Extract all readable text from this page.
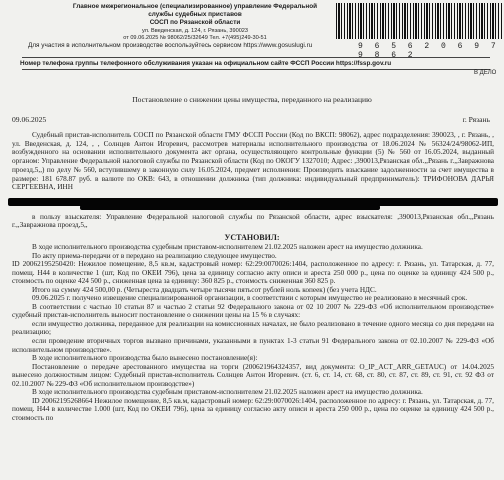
Главное межрегиональное (специализированное) управление Федеральной
службы судебных приставов
СОСП по Рязанской области
ул. Введенская, д. 124, г. Рязань, 390023
от 09.06.2025 № 98062/25/32649 Тел. +7(495)249-30-51
9 6 5 6 2 0 6 9 7 9 8 6 2
Для участия в исполнительном производстве воспользуйтесь сервисом https://www.gosuslugi.ru
Номер телефона группы телефонного обслуживания указан на официальном сайте ФССП России https://fssp.gov.ru
В ДЕЛО
Постановление о снижении цены имущества, переданного на реализацию
09.06.2025	г. Рязань

Судебный пристав-исполнитель СОСП по Рязанской области ГМУ ФССП России (Код по ВКСП: 98062), адрес подразделения: 390023, , г. Рязань, , ул. Введенская, д. 124, , , Солнцев Антон Игоревич, рассмотрев материалы исполнительного производства от 18.06.2024 № 56324/24/98062-ИП, возбужденного на основании исполнительного документа акт органа, осуществляющего контрольные функции (5) № 560 от 16.05.2024, выданный органом: Управление Федеральной налоговой службы по Рязанской области (Код по ОКОГУ 1327010; Адрес: ,390013,Рязанская обл.,,Рязань г.,,Завражнова проезд,5,,) по делу № 560, вступившему в законную силу 16.05.2024, предмет исполнения: Производить взыскание задолженности за счет имущества в размере: 181 678.87 руб. в валюте по ОКВ: 643, в отношении должника (тип должника: индивидуальный предприниматель): ТРИФОНОВА ДАРЬЯ СЕРГЕЕВНА, ИНН

в пользу взыскателя: Управление Федеральной налоговой службы по Рязанской области, адрес взыскателя: ,390013,Рязанская обл.,,Рязань г.,,Завражнова проезд,5,,

УСТАНОВИЛ:

В ходе исполнительного производства судебным приставом-исполнителем 21.02.2025 наложен арест на имущество должника.

По акту приема-передачи от в передано на реализацию следующее имущество.

ID 20062195250420: Нежилое помещение, 8,5 кв.м, кадастровый номер: 62:29:0070026:1404, расположенное по адресу: г. Рязань, ул. Татарская, д. 77, помещ. Н44 в количестве 1 (шт, Код по ОКЕИ 796), цена за единицу согласно акту описи и ареста 250 000 р., цена по оценке за единицу 424 500 р., стоимость по оценке 424 500 р., сниженная цена за единицу: 360 825 р., стоимость сниженная 360 825 р.

Итого на сумму 424 500,00 р. (Четыреста двадцать четыре тысячи пятьсот рублей ноль копеек) (без учета НДС.

09.06.2025 г. получено извещение специализированной организации, в соответствии с которым имущество не реализовано в месячный срок.

В соответствии с частью 10 статьи 87 и частью 2 статьи 92 Федерального закона от 02 10 2007 № 229-ФЗ «Об исполнительном производстве» судебный пристав-исполнитель выносит постановление о снижении цены на 15 % в случаях:

если имущество должника, переданное для реализации на комиссионных началах, не было реализовано в течение одного месяца со дня передачи на реализацию;

если проведение вторичных торгов вызвано причинами, указанными в пунктах 1-3 статьи 91 Федерального закона от 02.10.2007 № 229-ФЗ «Об исполнительном производстве».

В ходе исполнительного производства было вынесено постановление(я):

Постановление о передаче арестованного имущества на торги (200621964324357, вид документа: O_IP_ACT_ARR_GETAUC) от 14.04.2025 вынесено должностным лицом: Судебный пристав-исполнитель Солнцев Антон Игоревич. (ст. 6, ст. 14, ст. 68, ст. 80, ст. 87, ст. 89, ст. 91, ст. 92 ФЗ от 02.10.2007 № 229-ФЗ «Об исполнительном производстве»)

В ходе исполнительного производства судебным приставом-исполнителем 21.02.2025 наложен арест на имущество должника.

ID 20062195268664 Нежилое помещение, 8,5 кв.м, кадастровый номер: 62:29:0070026:1404, расположенное по адресу: г. Рязань, ул. Татарская, д. 77, помещ. Н44 в количестве 1.000 (шт, Код по ОКЕИ 796), цена за единицу согласно акту описи и ареста 250 000 р., цена по оценке за единицу 424 500 р., стоимость по
